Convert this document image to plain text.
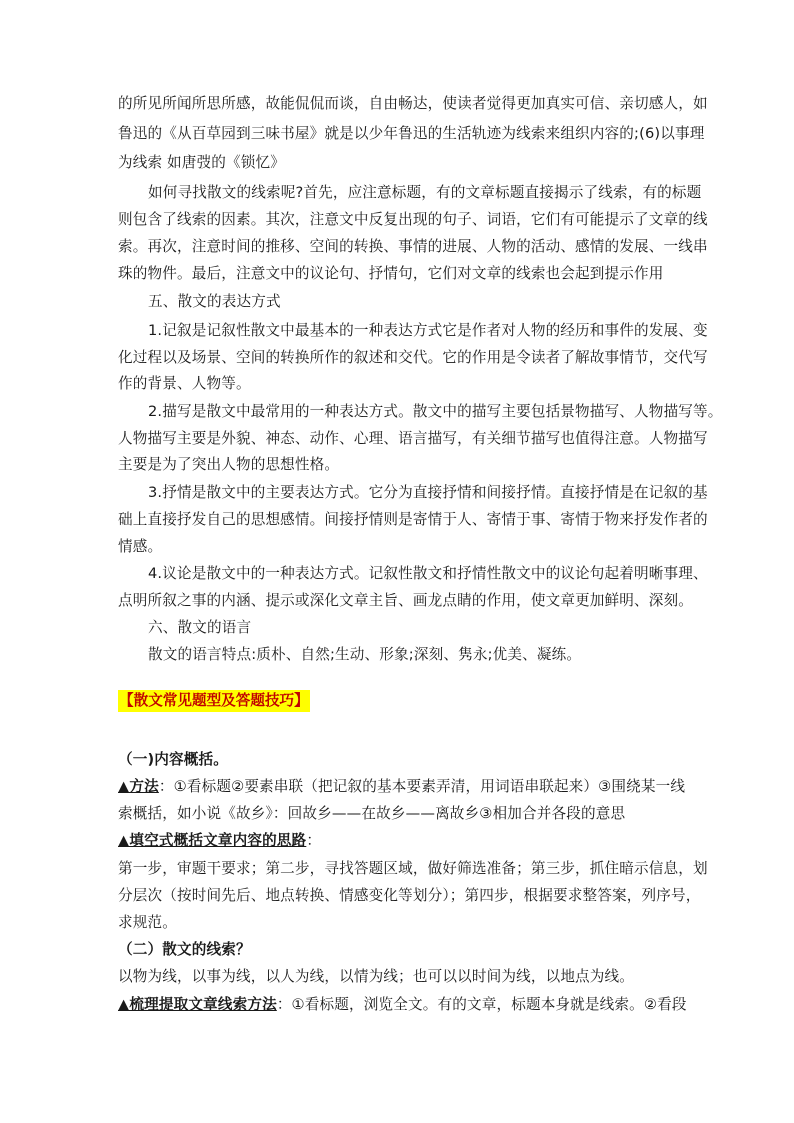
的所见所闻所思所感，故能侃侃而谈，自由畅达，使读者觉得更加真实可信、亲切感人，如
鲁迅的《从百草园到三味书屋》就是以少年鲁迅的生活轨迹为线索来组织内容的;(6)以事理
为线索 如唐弢的《锁忆》
如何寻找散文的线索呢?首先，应注意标题，有的文章标题直接揭示了线索，有的标题
则包含了线索的因素。其次，注意文中反复出现的句子、词语，它们有可能提示了文章的线
索。再次，注意时间的推移、空间的转换、事情的进展、人物的活动、感情的发展、一线串
珠的物件。最后，注意文中的议论句、抒情句，它们对文章的线索也会起到提示作用
五、散文的表达方式
1.记叙是记叙性散文中最基本的一种表达方式它是作者对人物的经历和事件的发展、变
化过程以及场景、空间的转换所作的叙述和交代。它的作用是令读者了解故事情节，交代写
作的背景、人物等。
2.描写是散文中最常用的一种表达方式。散文中的描写主要包括景物描写、人物描写等。
人物描写主要是外貌、神态、动作、心理、语言描写，有关细节描写也值得注意。人物描写
主要是为了突出人物的思想性格。
3.抒情是散文中的主要表达方式。它分为直接抒情和间接抒情。直接抒情是在记叙的基
础上直接抒发自己的思想感情。间接抒情则是寄情于人、寄情于事、寄情于物来抒发作者的
情感。
4.议论是散文中的一种表达方式。记叙性散文和抒情性散文中的议论句起着明晰事理、
点明所叙之事的内涵、提示或深化文章主旨、画龙点睛的作用，使文章更加鲜明、深刻。
六、散文的语言
散文的语言特点:质朴、自然;生动、形象;深刻、隽永;优美、凝练。
【散文常见题型及答题技巧】
（一)内容概括。
▲方法：①看标题②要素串联（把记叙的基本要素弄清，用词语串联起来）③围绕某一线
索概括，如小说《故乡》：回故乡——在故乡——离故乡③相加合并各段的意思
▲填空式概括文章内容的思路：
第一步，审题干要求；第二步，寻找答题区域，做好筛选准备；第三步，抓住暗示信息，划
分层次（按时间先后、地点转换、情感变化等划分）；第四步，根据要求整答案，列序号，
求规范。
（二）散文的线索？
以物为线，以事为线，以人为线，以情为线；也可以以时间为线，以地点为线。
▲梳理提取文章线索方法：①看标题，浏览全文。有的文章，标题本身就是线索。②看段
